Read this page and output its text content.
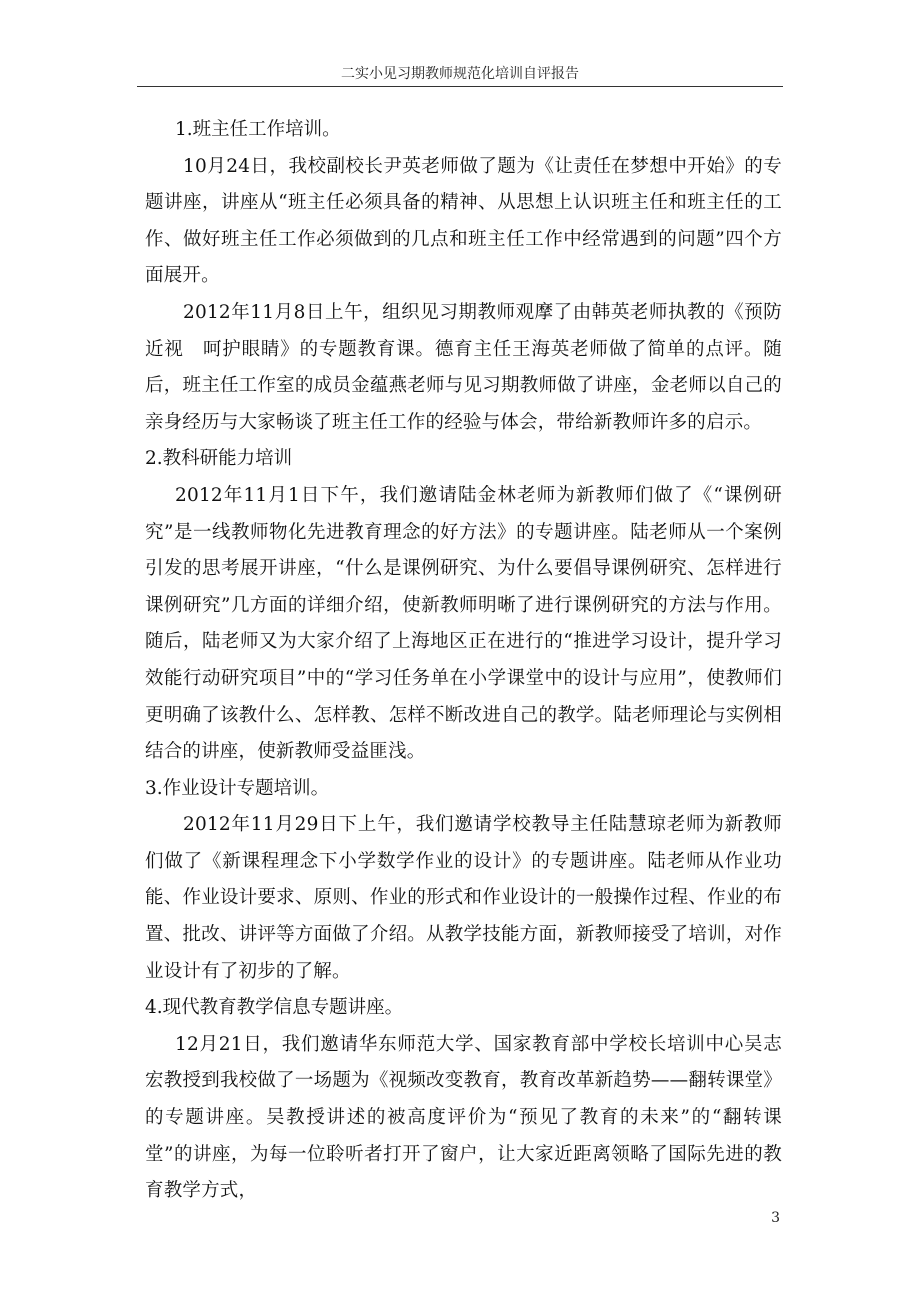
二实小见习期教师规范化培训自评报告

1.班主任工作培训。

10月24日，我校副校长尹英老师做了题为《让责任在梦想中开始》的专题讲座，讲座从“班主任必须具备的精神、从思想上认识班主任和班主任的工作、做好班主任工作必须做到的几点和班主任工作中经常遇到的问题”四个方面展开。

2012年11月8日上午，组织见习期教师观摩了由韩英老师执教的《预防近视　呵护眼睛》的专题教育课。德育主任王海英老师做了简单的点评。随后，班主任工作室的成员金蕴燕老师与见习期教师做了讲座，金老师以自己的亲身经历与大家畅谈了班主任工作的经验与体会，带给新教师许多的启示。

2.教科研能力培训

2012年11月1日下午，我们邀请陆金林老师为新教师们做了《“课例研究”是一线教师物化先进教育理念的好方法》的专题讲座。陆老师从一个案例引发的思考展开讲座，“什么是课例研究、为什么要倡导课例研究、怎样进行课例研究”几方面的详细介绍，使新教师明晰了进行课例研究的方法与作用。随后，陆老师又为大家介绍了上海地区正在进行的“推进学习设计，提升学习效能行动研究项目”中的“学习任务单在小学课堂中的设计与应用”，使教师们更明确了该教什么、怎样教、怎样不断改进自己的教学。陆老师理论与实例相结合的讲座，使新教师受益匪浅。

3.作业设计专题培训。

2012年11月29日下上午，我们邀请学校教导主任陆慧琼老师为新教师们做了《新课程理念下小学数学作业的设计》的专题讲座。陆老师从作业功能、作业设计要求、原则、作业的形式和作业设计的一般操作过程、作业的布置、批改、讲评等方面做了介绍。从教学技能方面，新教师接受了培训，对作业设计有了初步的了解。

4.现代教育教学信息专题讲座。

12月21日，我们邀请华东师范大学、国家教育部中学校长培训中心吴志宏教授到我校做了一场题为《视频改变教育，教育改革新趋势——翻转课堂》的专题讲座。吴教授讲述的被高度评价为“预见了教育的未来”的“翻转课堂”的讲座，为每一位聆听者打开了窗户，让大家近距离领略了国际先进的教育教学方式，

3
